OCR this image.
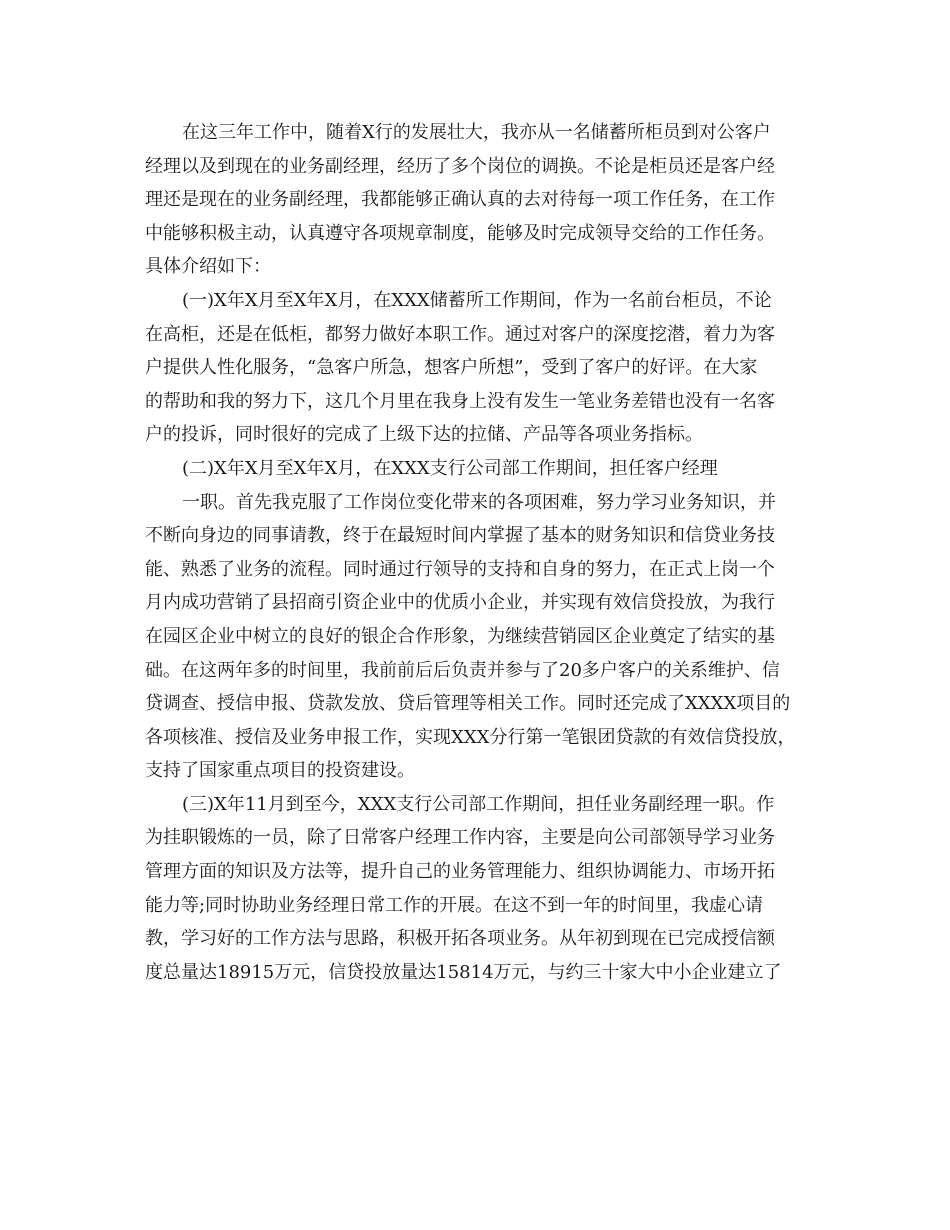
在这三年工作中，随着X行的发展壮大，我亦从一名储蓄所柜员到对公客户
经理以及到现在的业务副经理，经历了多个岗位的调换。不论是柜员还是客户经
理还是现在的业务副经理，我都能够正确认真的去对待每一项工作任务，在工作
中能够积极主动，认真遵守各项规章制度，能够及时完成领导交给的工作任务。
具体介绍如下：
(一)X年X月至X年X月，在XXX储蓄所工作期间，作为一名前台柜员，不论
在高柜，还是在低柜，都努力做好本职工作。通过对客户的深度挖潜，着力为客
户提供人性化服务，“急客户所急，想客户所想”，受到了客户的好评。在大家
的帮助和我的努力下，这几个月里在我身上没有发生一笔业务差错也没有一名客
户的投诉，同时很好的完成了上级下达的拉储、产品等各项业务指标。
(二)X年X月至X年X月，在XXX支行公司部工作期间，担任客户经理
一职。首先我克服了工作岗位变化带来的各项困难，努力学习业务知识，并
不断向身边的同事请教，终于在最短时间内掌握了基本的财务知识和信贷业务技
能、熟悉了业务的流程。同时通过行领导的支持和自身的努力，在正式上岗一个
月内成功营销了县招商引资企业中的优质小企业，并实现有效信贷投放，为我行
在园区企业中树立的良好的银企合作形象，为继续营销园区企业奠定了结实的基
础。在这两年多的时间里，我前前后后负责并参与了20多户客户的关系维护、信
贷调查、授信申报、贷款发放、贷后管理等相关工作。同时还完成了XXXX项目的
各项核准、授信及业务申报工作，实现XXX分行第一笔银团贷款的有效信贷投放，
支持了国家重点项目的投资建设。
(三)X年11月到至今，XXX支行公司部工作期间，担任业务副经理一职。作
为挂职锻炼的一员，除了日常客户经理工作内容，主要是向公司部领导学习业务
管理方面的知识及方法等，提升自己的业务管理能力、组织协调能力、市场开拓
能力等;同时协助业务经理日常工作的开展。在这不到一年的时间里，我虚心请
教，学习好的工作方法与思路，积极开拓各项业务。从年初到现在已完成授信额
度总量达18915万元，信贷投放量达15814万元，与约三十家大中小企业建立了
